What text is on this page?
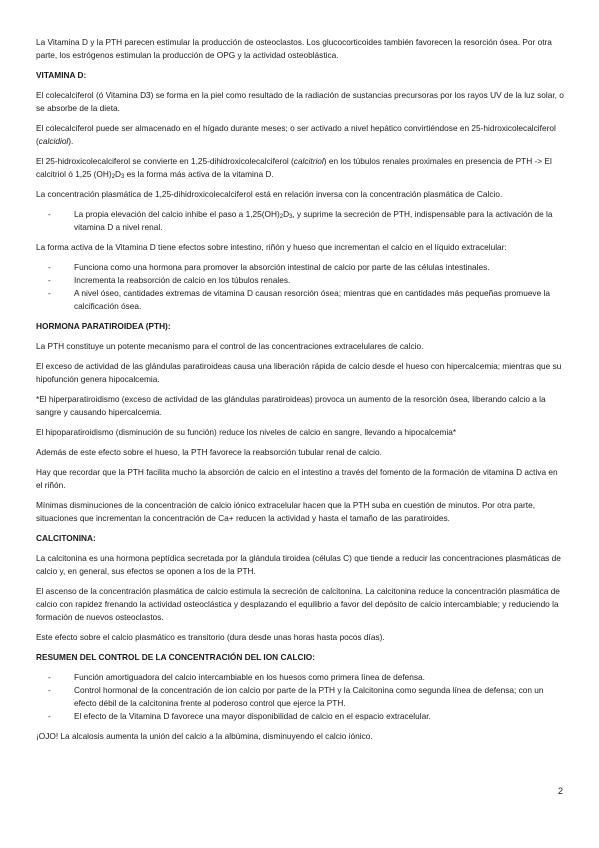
La Vitamina D y la PTH parecen estimular la producción de osteoclastos. Los glucocorticoides también favorecen la resorción ósea. Por otra parte, los estrógenos estimulan la producción de OPG y la actividad osteoblástica.

VITAMINA D:

El colecalciferol (ó Vitamina D3) se forma en la piel como resultado de la radiación de sustancias precursoras por los rayos UV de la luz solar, o se absorbe de la dieta.

El colecalciferol puede ser almacenado en el hígado durante meses; o ser activado a nivel hepático convirtiéndose en 25-hidroxicolecalciferol (calcidiol).

El 25-hidroxicolecalciferol se convierte en 1,25-dihidroxicolecalciferol (calcitriol) en los túbulos renales proximales en presencia de PTH -> El calcitriol ó 1,25 $(OH)_2D_3$ es la forma más activa de la vitamina D.

La concentración plasmática de 1,25-dihidroxicolecalciferol está en relación inversa con la concentración plasmática de Calcio.

-	La propia elevación del calcio inhibe el paso a $1,25(OH)_2D_3$, y suprime la secreción de PTH, indispensable para la activación de la vitamina D a nivel renal.

La forma activa de la Vitamina D tiene efectos sobre intestino, riñón y hueso que incrementan el calcio en el líquido extracelular:

-	Funciona como una hormona para promover la absorción intestinal de calcio por parte de las células intestinales.
-	Incrementa la reabsorción de calcio en los túbulos renales.
-	A nivel óseo, cantidades extremas de vitamina D causan resorción ósea; mientras que en cantidades más pequeñas promueve la calcificación ósea.
HORMONA PARATIROIDEA (PTH):

La PTH constituye un potente mecanismo para el control de las concentraciones extracelulares de calcio.

El exceso de actividad de las glándulas paratiroideas causa una liberación rápida de calcio desde el hueso con hipercalcemia; mientras que su hipofunción genera hipocalcemia.

*El hiperparatiroidismo (exceso de actividad de las glándulas paratiroideas) provoca un aumento de la resorción ósea, liberando calcio a la sangre y causando hipercalcemia.

El hipoparatiroidismo (disminución de su función) reduce los niveles de calcio en sangre, llevando a hipocalcemia*

Además de este efecto sobre el hueso, la PTH favorece la reabsorción tubular renal de calcio.

Hay que recordar que la PTH facilita mucho la absorción de calcio en el intestino a través del fomento de la formación de vitamina D activa en el riñón.

Mínimas disminuciones de la concentración de calcio iónico extracelular hacen que la PTH suba en cuestión de minutos. Por otra parte, situaciones que incrementan la concentración de Ca+ reducen la actividad y hasta el tamaño de las paratiroides.

CALCITONINA:

La calcitonina es una hormona peptídica secretada por la glándula tiroidea (células C) que tiende a reducir las concentraciones plasmáticas de calcio y, en general, sus efectos se oponen a los de la PTH.

El ascenso de la concentración plasmática de calcio estimula la secreción de calcitonina. La calcitonina reduce la concentración plasmática de calcio con rapidez frenando la actividad osteoclástica y desplazando el equilibrio a favor del depósito de calcio intercambiable; y reduciendo la formación de nuevos osteoclastos.

Este efecto sobre el calcio plasmático es transitorio (dura desde unas horas hasta pocos días).

RESUMEN DEL CONTROL DE LA CONCENTRACIÓN DEL ION CALCIO:
-	Función amortiguadora del calcio intercambiable en los huesos como primera línea de defensa.
-	Control hormonal de la concentración de ion calcio por parte de la PTH y la Calcitonina como segunda línea de defensa; con un efecto débil de la calcitonina frente al poderoso control que ejerce la PTH.
-	El efecto de la Vitamina D favorece una mayor disponibilidad de calcio en el espacio extracelular.

¡OJO! La alcalosis aumenta la unión del calcio a la albúmina, disminuyendo el calcio iónico.

2
